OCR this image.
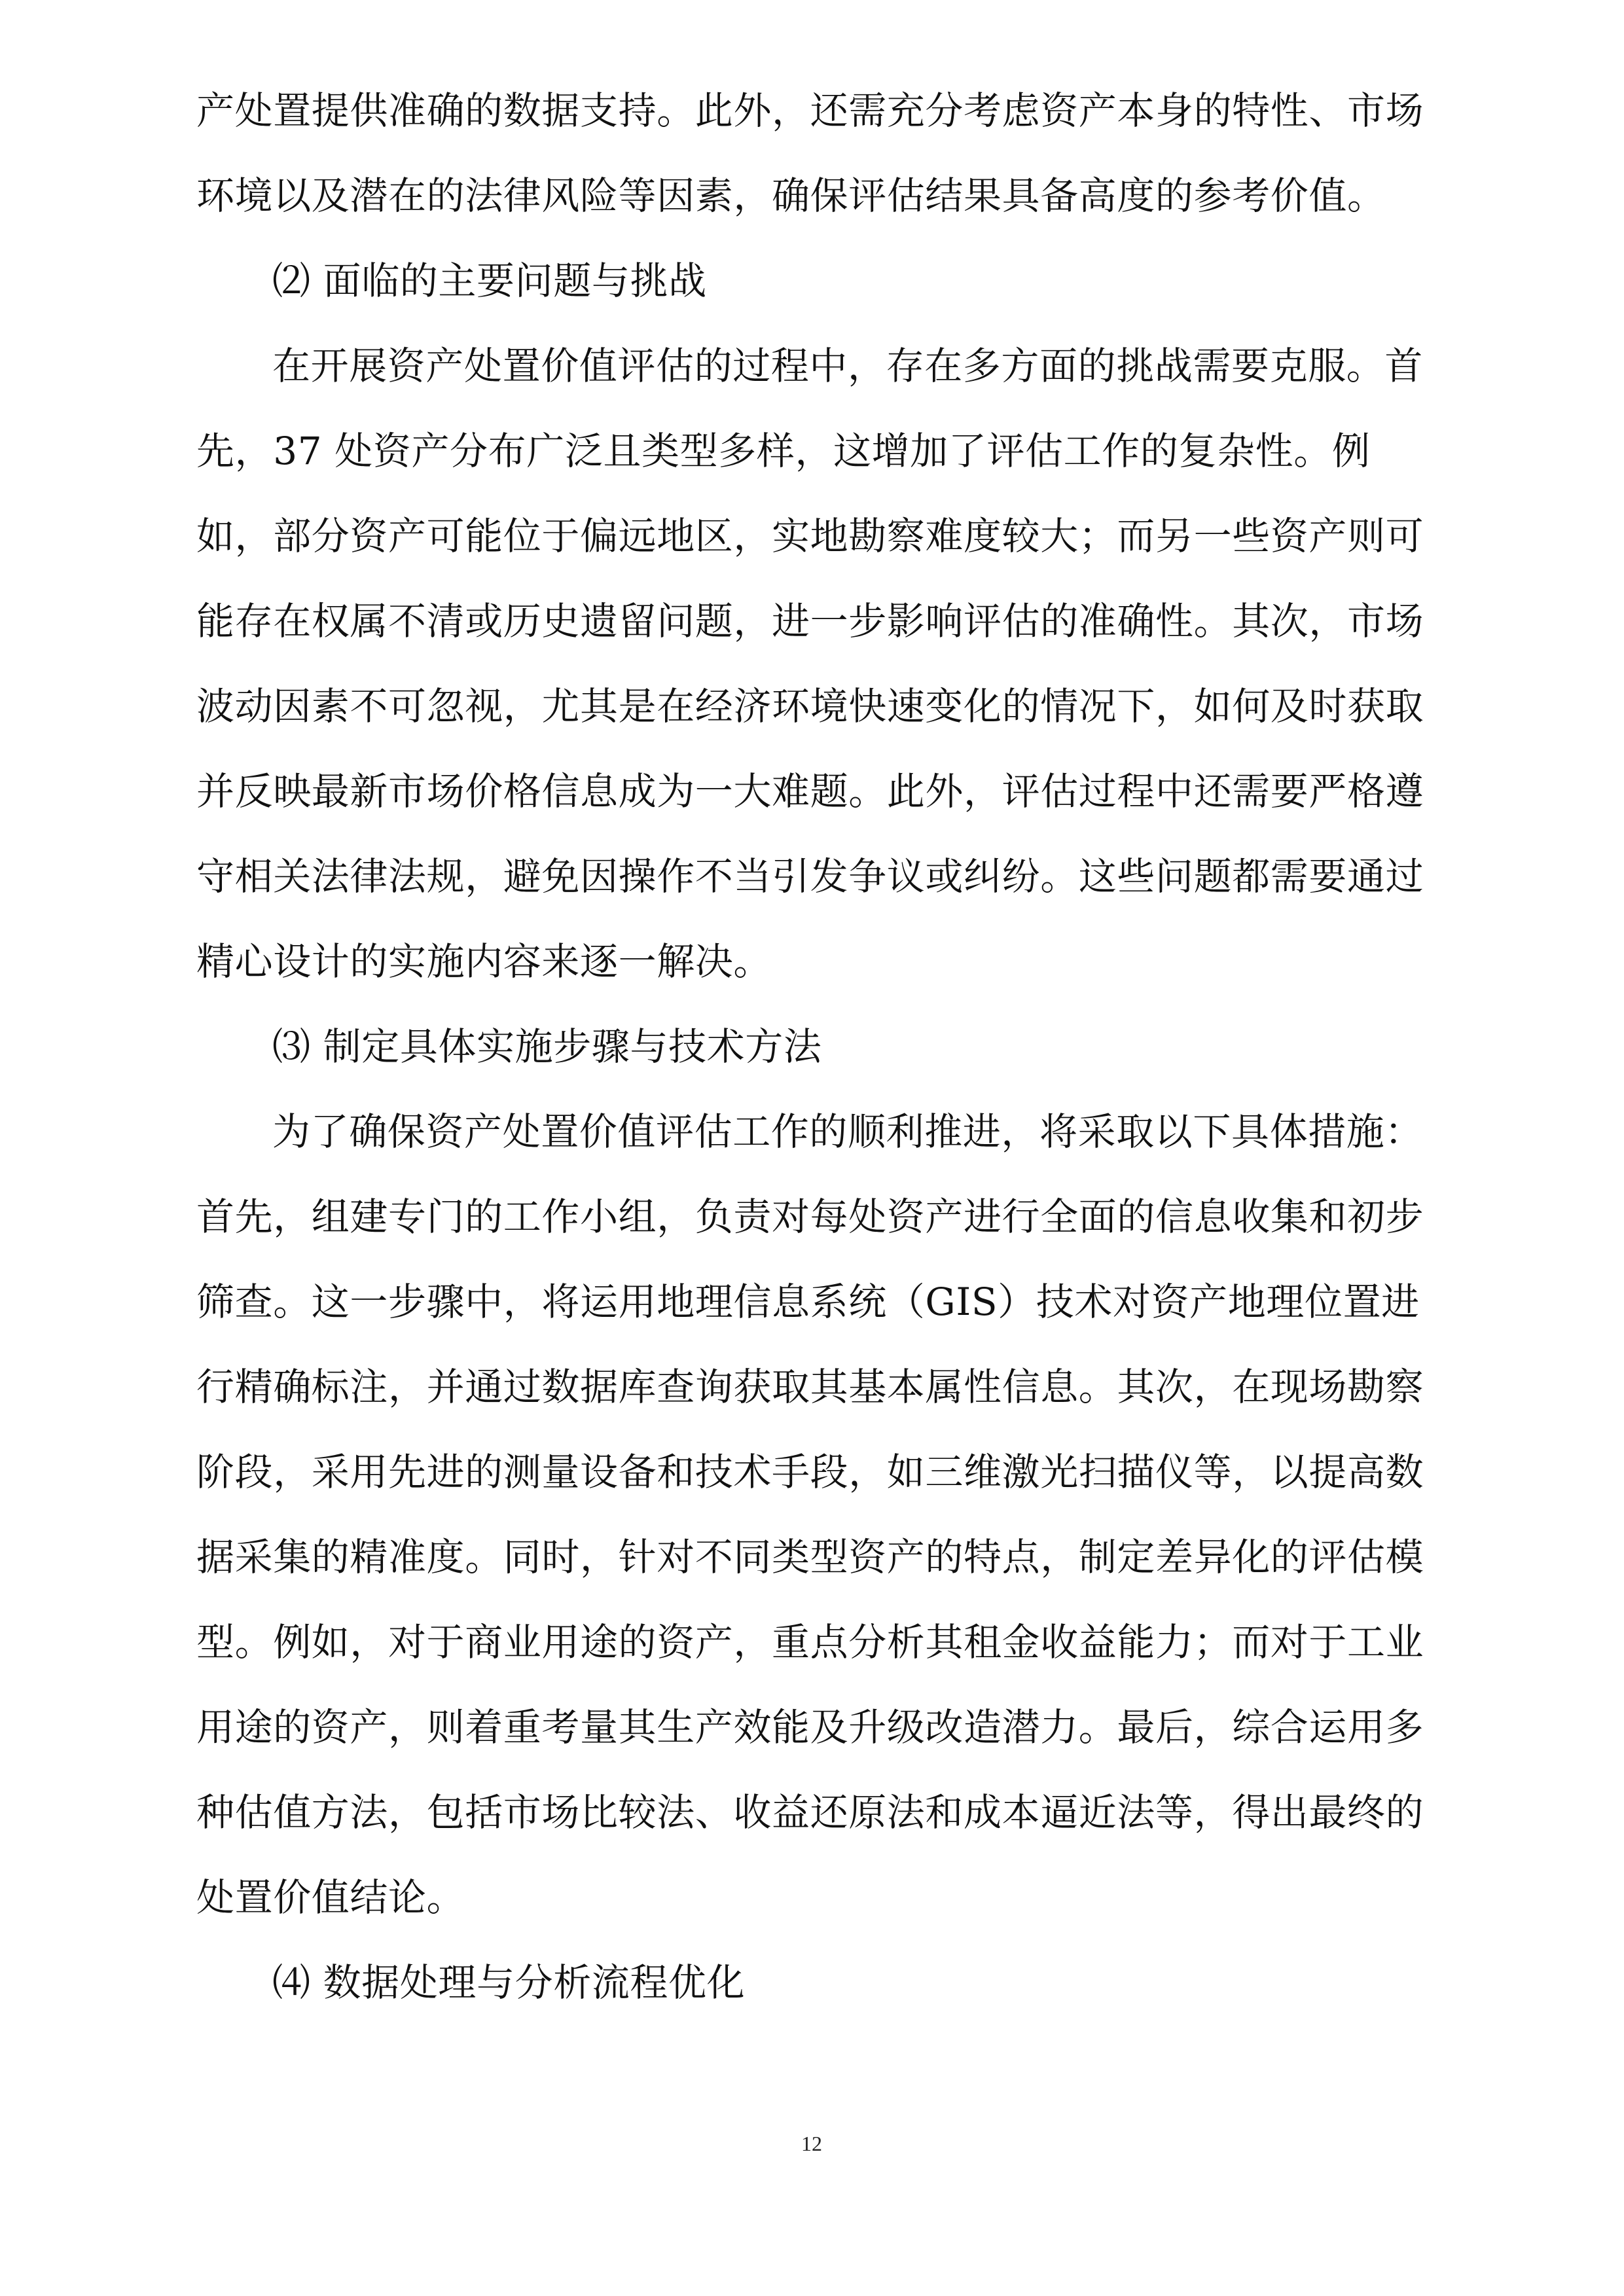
产处置提供准确的数据支持。此外，还需充分考虑资产本身的特性、市场
环境以及潜在的法律风险等因素，确保评估结果具备高度的参考价值。
⑵ 面临的主要问题与挑战
在开展资产处置价值评估的过程中，存在多方面的挑战需要克服。首
先，37 处资产分布广泛且类型多样，这增加了评估工作的复杂性。例
如，部分资产可能位于偏远地区，实地勘察难度较大；而另一些资产则可
能存在权属不清或历史遗留问题，进一步影响评估的准确性。其次，市场
波动因素不可忽视，尤其是在经济环境快速变化的情况下，如何及时获取
并反映最新市场价格信息成为一大难题。此外，评估过程中还需要严格遵
守相关法律法规，避免因操作不当引发争议或纠纷。这些问题都需要通过
精心设计的实施内容来逐一解决。
⑶ 制定具体实施步骤与技术方法
为了确保资产处置价值评估工作的顺利推进，将采取以下具体措施：
首先，组建专门的工作小组，负责对每处资产进行全面的信息收集和初步
筛查。这一步骤中，将运用地理信息系统（GIS）技术对资产地理位置进
行精确标注，并通过数据库查询获取其基本属性信息。其次，在现场勘察
阶段，采用先进的测量设备和技术手段，如三维激光扫描仪等，以提高数
据采集的精准度。同时，针对不同类型资产的特点，制定差异化的评估模
型。例如，对于商业用途的资产，重点分析其租金收益能力；而对于工业
用途的资产，则着重考量其生产效能及升级改造潜力。最后，综合运用多
种估值方法，包括市场比较法、收益还原法和成本逼近法等，得出最终的
处置价值结论。
⑷ 数据处理与分析流程优化
12
